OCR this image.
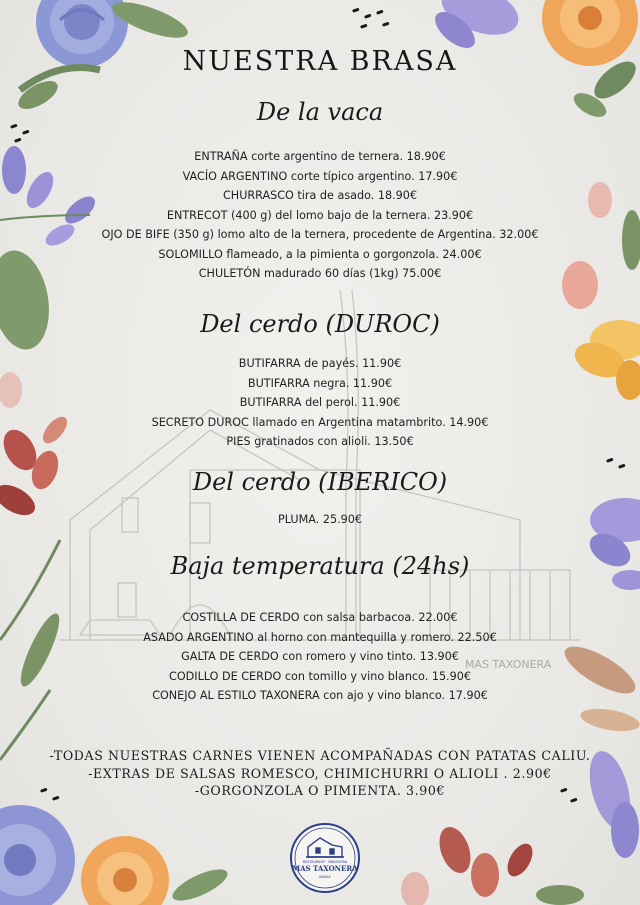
MAS TAXONERA
NUESTRA BRASA
De la vaca
ENTRAÑA corte argentino de ternera. 18.90€
VACÍO ARGENTINO corte típico argentino. 17.90€
CHURRASCO tira de asado. 18.90€
ENTRECOT (400 g) del lomo bajo de la ternera. 23.90€
OJO DE BIFE (350 g) lomo alto de la ternera, procedente de Argentina. 32.00€
SOLOMILLO flameado, a la pimienta o gorgonzola. 24.00€
CHULETÓN madurado 60 días (1kg) 75.00€
Del cerdo (DUROC)
BUTIFARRA de payés. 11.90€
BUTIFARRA negra. 11.90€
BUTIFARRA del perol. 11.90€
SECRETO DUROC llamado en Argentina matambrito. 14.90€
PIES gratinados con alioli. 13.50€
Del cerdo (IBERICO)
PLUMA. 25.90€
Baja temperatura (24hs)
COSTILLA DE CERDO con salsa barbacoa. 22.00€
ASADO ARGENTINO al horno con mantequilla y romero. 22.50€
GALTA DE CERDO con romero y vino tinto. 13.90€
CODILLO DE CERDO con tomillo y vino blanco. 15.90€
CONEJO AL ESTILO TAXONERA con ajo y vino blanco. 17.90€
-TODAS NUESTRAS CARNES VIENEN ACOMPAÑADAS CON PATATAS CALIU.
-EXTRAS DE SALSAS ROMESCO, CHIMICHURRI O ALIOLI . 2.90€
-GORGONZOLA O PIMIENTA. 3.90€
RESTAURANT · BRASSERIA
MAS TAXONERA
BRASA
